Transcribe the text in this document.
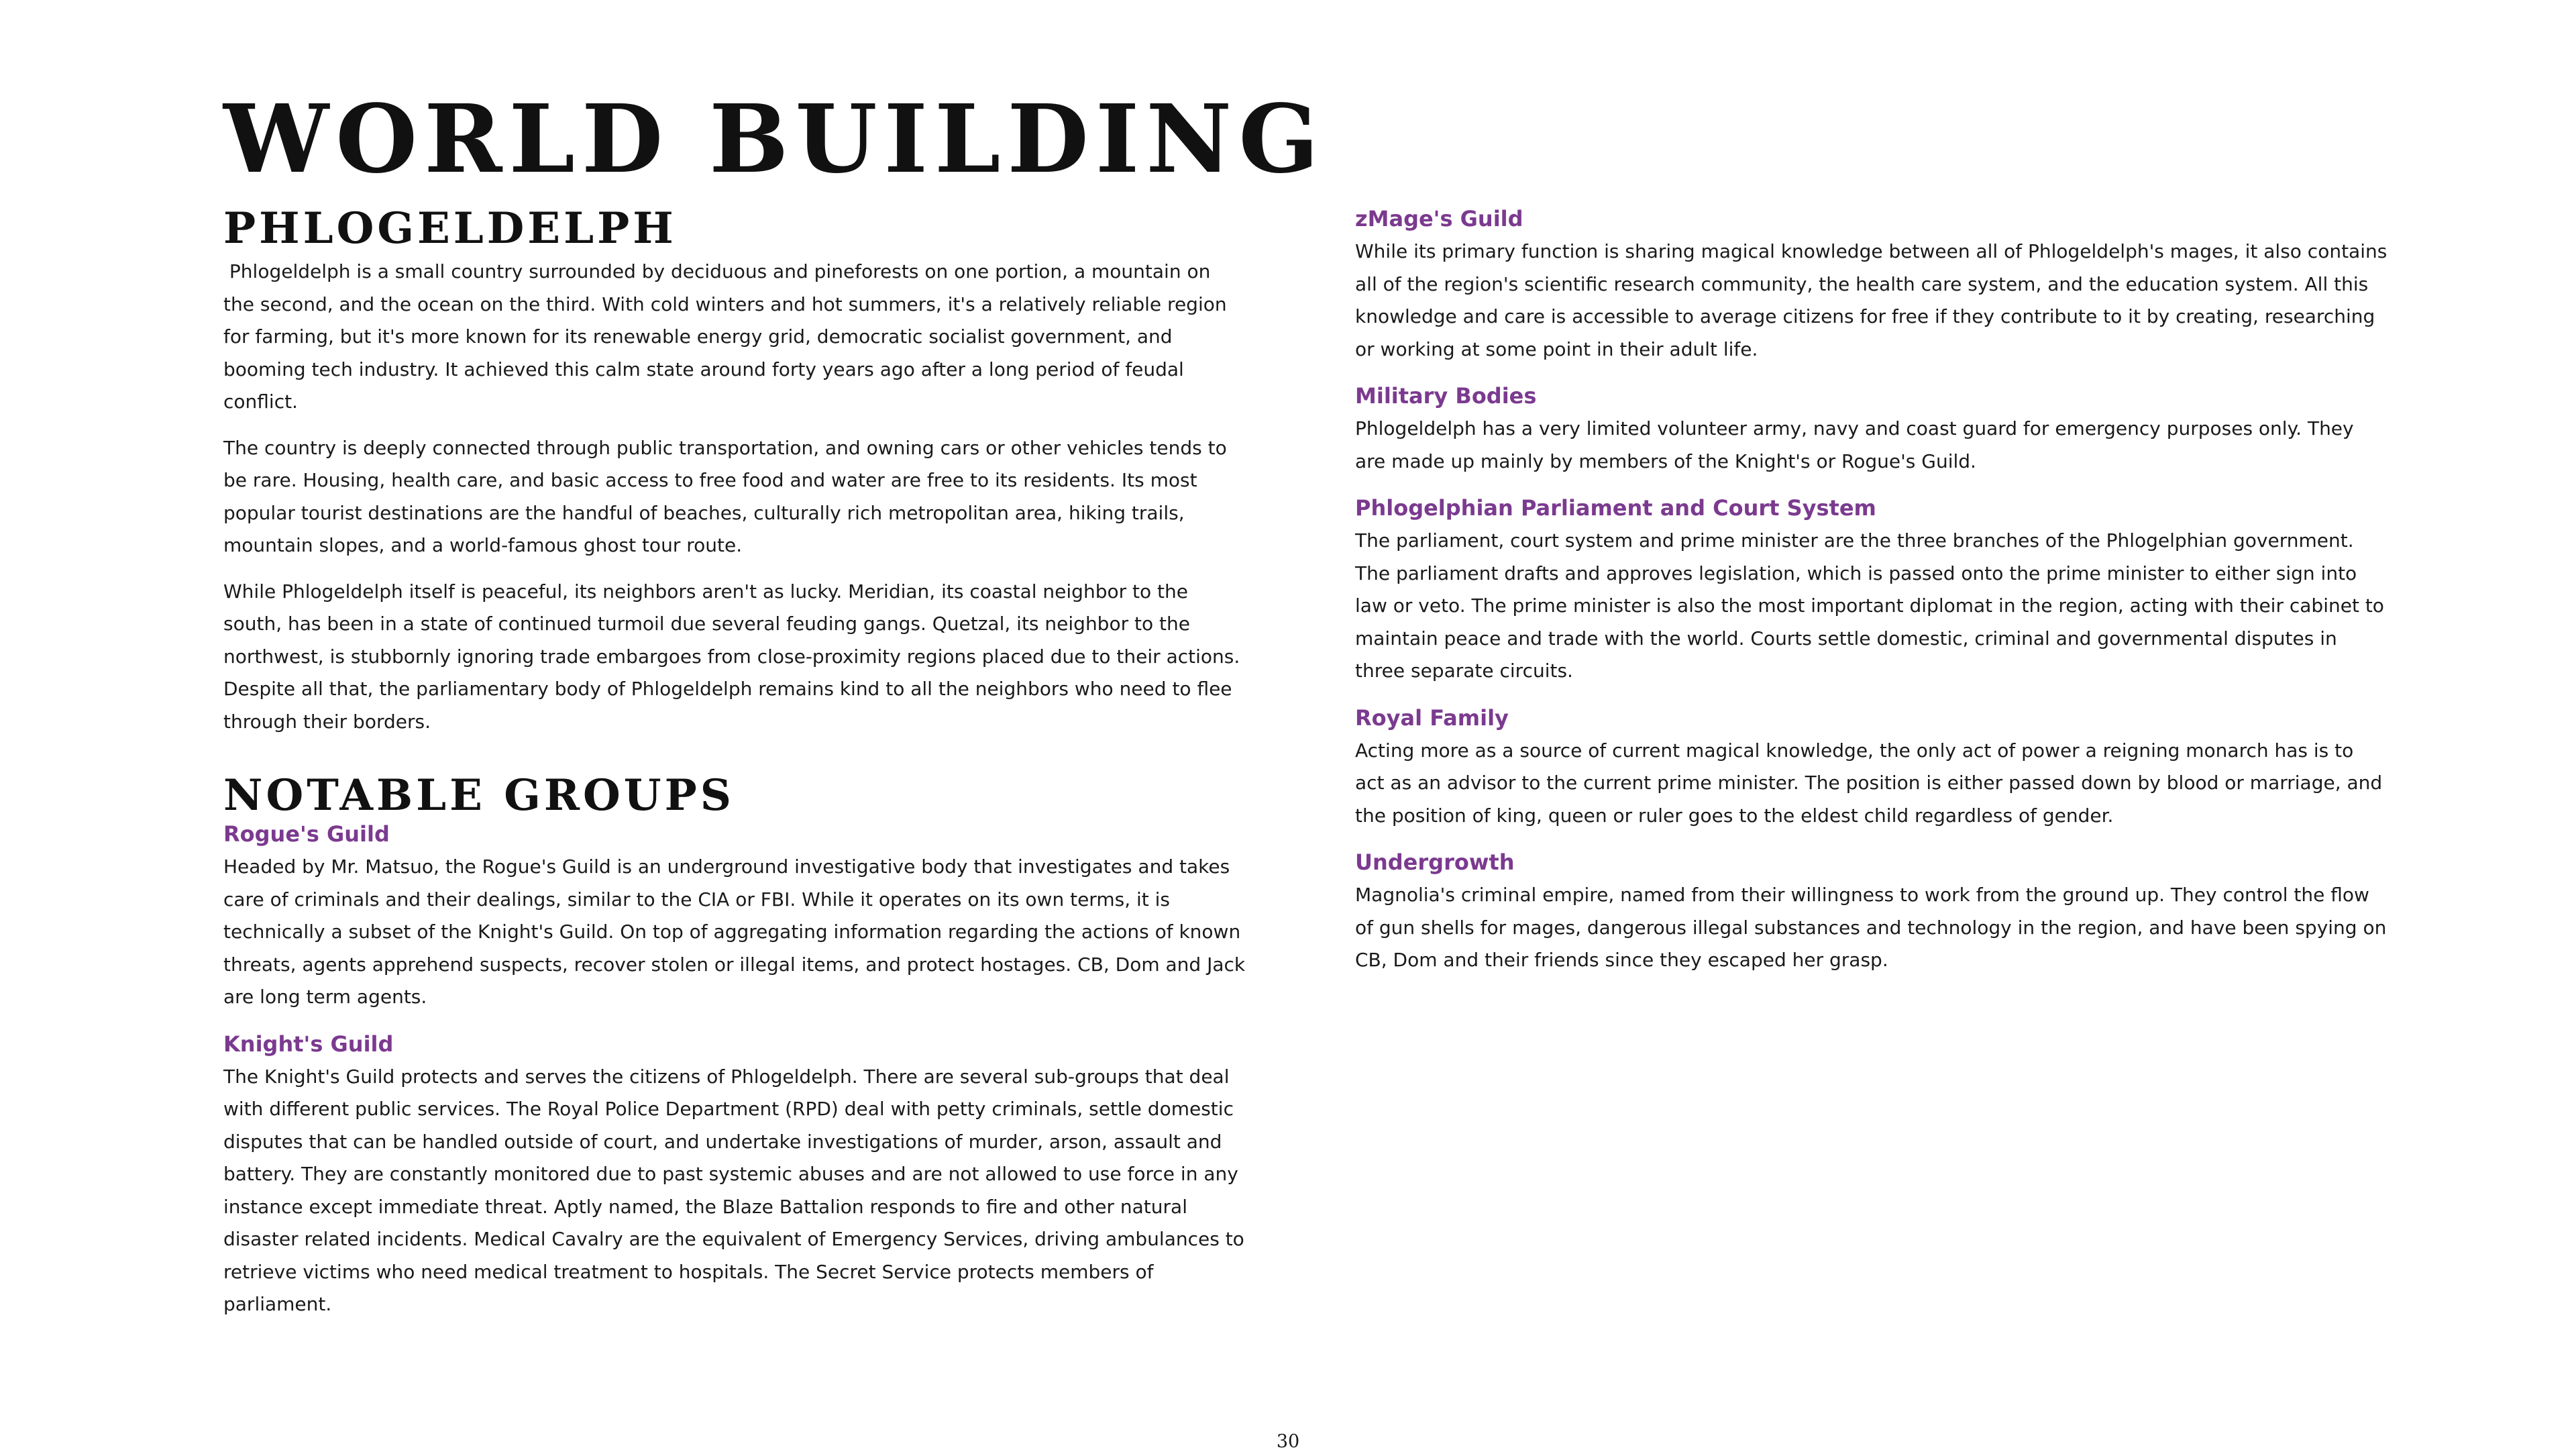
WORLD BUILDING
PHLOGELDELPH

Phlogeldelph is a small country surrounded by deciduous and pineforests on one portion, a mountain on the second, and the ocean on the third. With cold winters and hot summers, it's a relatively reliable region for farming, but it's more known for its renewable energy grid, democratic socialist government, and booming tech industry. It achieved this calm state around forty years ago after a long period of feudal conflict.

The country is deeply connected through public transportation, and owning cars or other vehicles tends to be rare. Housing, health care, and basic access to free food and water are free to its residents. Its most popular tourist destinations are the handful of beaches, culturally rich metropolitan area, hiking trails, mountain slopes, and a world-famous ghost tour route.

While Phlogeldelph itself is peaceful, its neighbors aren't as lucky. Meridian, its coastal neighbor to the south, has been in a state of continued turmoil due several feuding gangs. Quetzal, its neighbor to the northwest, is stubbornly ignoring trade embargoes from close-proximity regions placed due to their actions. Despite all that, the parliamentary body of Phlogeldelph remains kind to all the neighbors who need to flee through their borders.

NOTABLE GROUPS
Rogue's Guild

Headed by Mr. Matsuo, the Rogue's Guild is an underground investigative body that investigates and takes care of criminals and their dealings, similar to the CIA or FBI. While it operates on its own terms, it is technically a subset of the Knight's Guild. On top of aggregating information regarding the actions of known threats, agents apprehend suspects, recover stolen or illegal items, and protect hostages. CB, Dom and Jack are long term agents.

Knight's Guild

The Knight's Guild protects and serves the citizens of Phlogeldelph. There are several sub-groups that deal with different public services. The Royal Police Department (RPD) deal with petty criminals, settle domestic disputes that can be handled outside of court, and undertake investigations of murder, arson, assault and battery. They are constantly monitored due to past systemic abuses and are not allowed to use force in any instance except immediate threat. Aptly named, the Blaze Battalion responds to fire and other natural disaster related incidents. Medical Cavalry are the equivalent of Emergency Services, driving ambulances to retrieve victims who need medical treatment to hospitals. The Secret Service protects members of parliament.

zMage's Guild

While its primary function is sharing magical knowledge between all of Phlogeldelph's mages, it also contains all of the region's scientific research community, the health care system, and the education system. All this knowledge and care is accessible to average citizens for free if they contribute to it by creating, researching or working at some point in their adult life.

Military Bodies

Phlogeldelph has a very limited volunteer army, navy and coast guard for emergency purposes only. They are made up mainly by members of the Knight's or Rogue's Guild.

Phlogelphian Parliament and Court System

The parliament, court system and prime minister are the three branches of the Phlogelphian government. The parliament drafts and approves legislation, which is passed onto the prime minister to either sign into law or veto. The prime minister is also the most important diplomat in the region, acting with their cabinet to maintain peace and trade with the world. Courts settle domestic, criminal and governmental disputes in three separate circuits.

Royal Family

Acting more as a source of current magical knowledge, the only act of power a reigning monarch has is to act as an advisor to the current prime minister. The position is either passed down by blood or marriage, and the position of king, queen or ruler goes to the eldest child regardless of gender.

Undergrowth

Magnolia's criminal empire, named from their willingness to work from the ground up. They control the flow of gun shells for mages, dangerous illegal substances and technology in the region, and have been spying on CB, Dom and their friends since they escaped her grasp.

30
